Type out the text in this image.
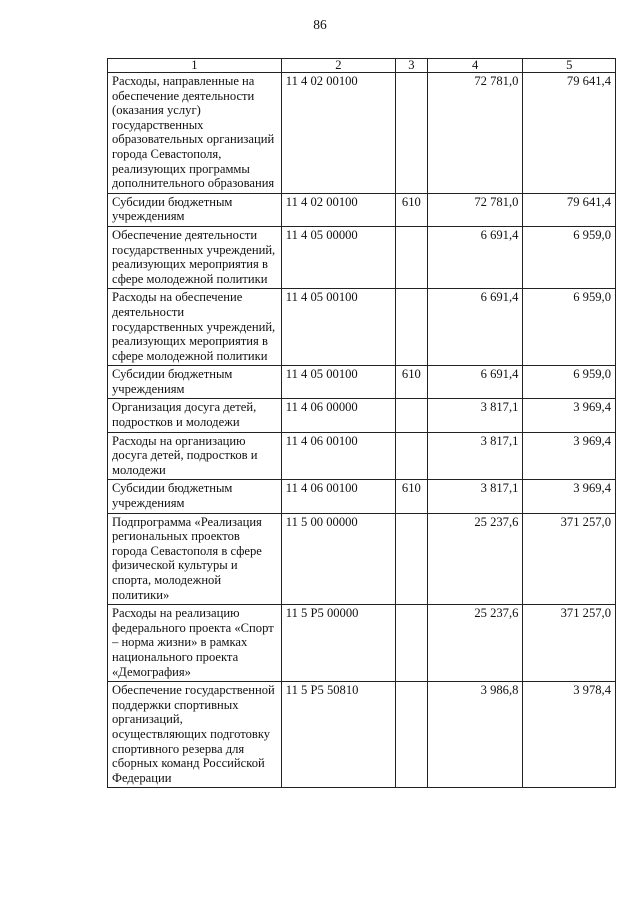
86
1	2	3	4	5
Расходы, направленные на обеспечение деятельности (оказания услуг) государственных образовательных организаций города Севастополя, реализующих программы дополнительного образования	11 4 02 00100		72 781,0	79 641,4
Субсидии бюджетным учреждениям	11 4 02 00100	610	72 781,0	79 641,4
Обеспечение деятельности государственных учреждений, реализующих мероприятия в сфере молодежной политики	11 4 05 00000		6 691,4	6 959,0
Расходы на обеспечение деятельности государственных учреждений, реализующих мероприятия в сфере молодежной политики	11 4 05 00100		6 691,4	6 959,0
Субсидии бюджетным учреждениям	11 4 05 00100	610	6 691,4	6 959,0
Организация досуга детей, подростков и молодежи	11 4 06 00000		3 817,1	3 969,4
Расходы на организацию досуга детей, подростков и молодежи	11 4 06 00100		3 817,1	3 969,4
Субсидии бюджетным учреждениям	11 4 06 00100	610	3 817,1	3 969,4
Подпрограмма «Реализация региональных проектов города Севастополя в сфере физической культуры и спорта, молодежной политики»	11 5 00 00000		25 237,6	371 257,0
Расходы на реализацию федерального проекта «Спорт – норма жизни» в рамках национального проекта «Демография»	11 5 P5 00000		25 237,6	371 257,0
Обеспечение государственной поддержки спортивных организаций, осуществляющих подготовку спортивного резерва для сборных команд Российской Федерации	11 5 P5 50810		3 986,8	3 978,4
